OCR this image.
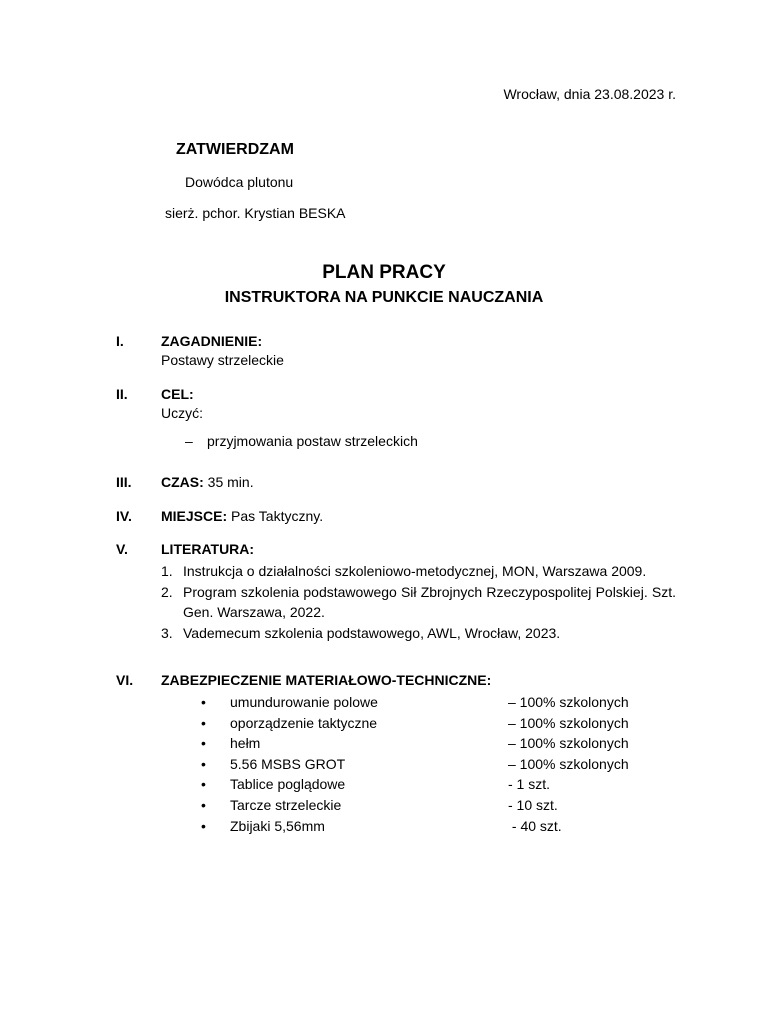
Wrocław, dnia 23.08.2023 r.
ZATWIERDZAM
Dowódca plutonu
sierż. pchor. Krystian BESKA
PLAN PRACY
INSTRUKTORA NA PUNKCIE NAUCZANIA
I.	ZAGADNIENIE:
Postawy strzeleckie
II. CEL:
Uczyć:
– przyjmowania postaw strzeleckich
III. CZAS: 35 min.
IV. MIEJSCE: Pas Taktyczny.
V. LITERATURA:
1. Instrukcja o działalności szkoleniowo-metodycznej, MON, Warszawa 2009.
2. Program szkolenia podstawowego Sił Zbrojnych Rzeczypospolitej Polskiej. Szt. Gen. Warszawa, 2022.
3. Vademecum szkolenia podstawowego, AWL, Wrocław, 2023.
VI. ZABEZPIECZENIE MATERIAŁOWO-TECHNICZNE:
•	umundurowanie polowe	– 100% szkolonych
•	oporządzenie taktyczne	– 100% szkolonych
•	hełm	– 100% szkolonych
•	5.56 MSBS GROT	– 100% szkolonych
•	Tablice poglądowe	- 1 szt.
•	Tarcze strzeleckie	- 10 szt.
•	Zbijaki 5,56mm	- 40 szt.
